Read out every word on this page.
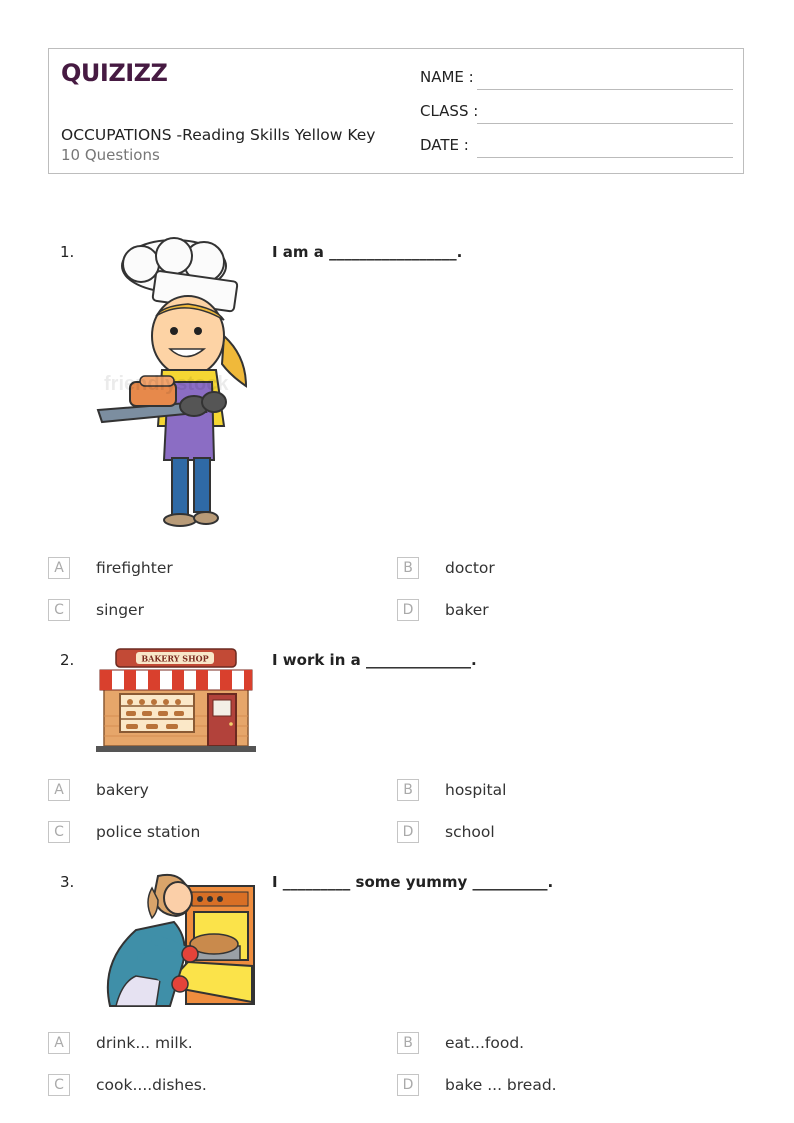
QUIZIZZ
OCCUPATIONS -Reading Skills Yellow Key
10 Questions
NAME :
CLASS :
DATE :
1.	I am a _________________.
friendlystock
A	firefighter	B	doctor
C	singer	D	baker
2.	I work in a ______________.
BAKERY SHOP
A	bakery	B	hospital
C	police station	D	school
3.	I _________ some yummy __________.
A	drink... milk.	B	eat...food.
C	cook....dishes.	D	bake ... bread.
